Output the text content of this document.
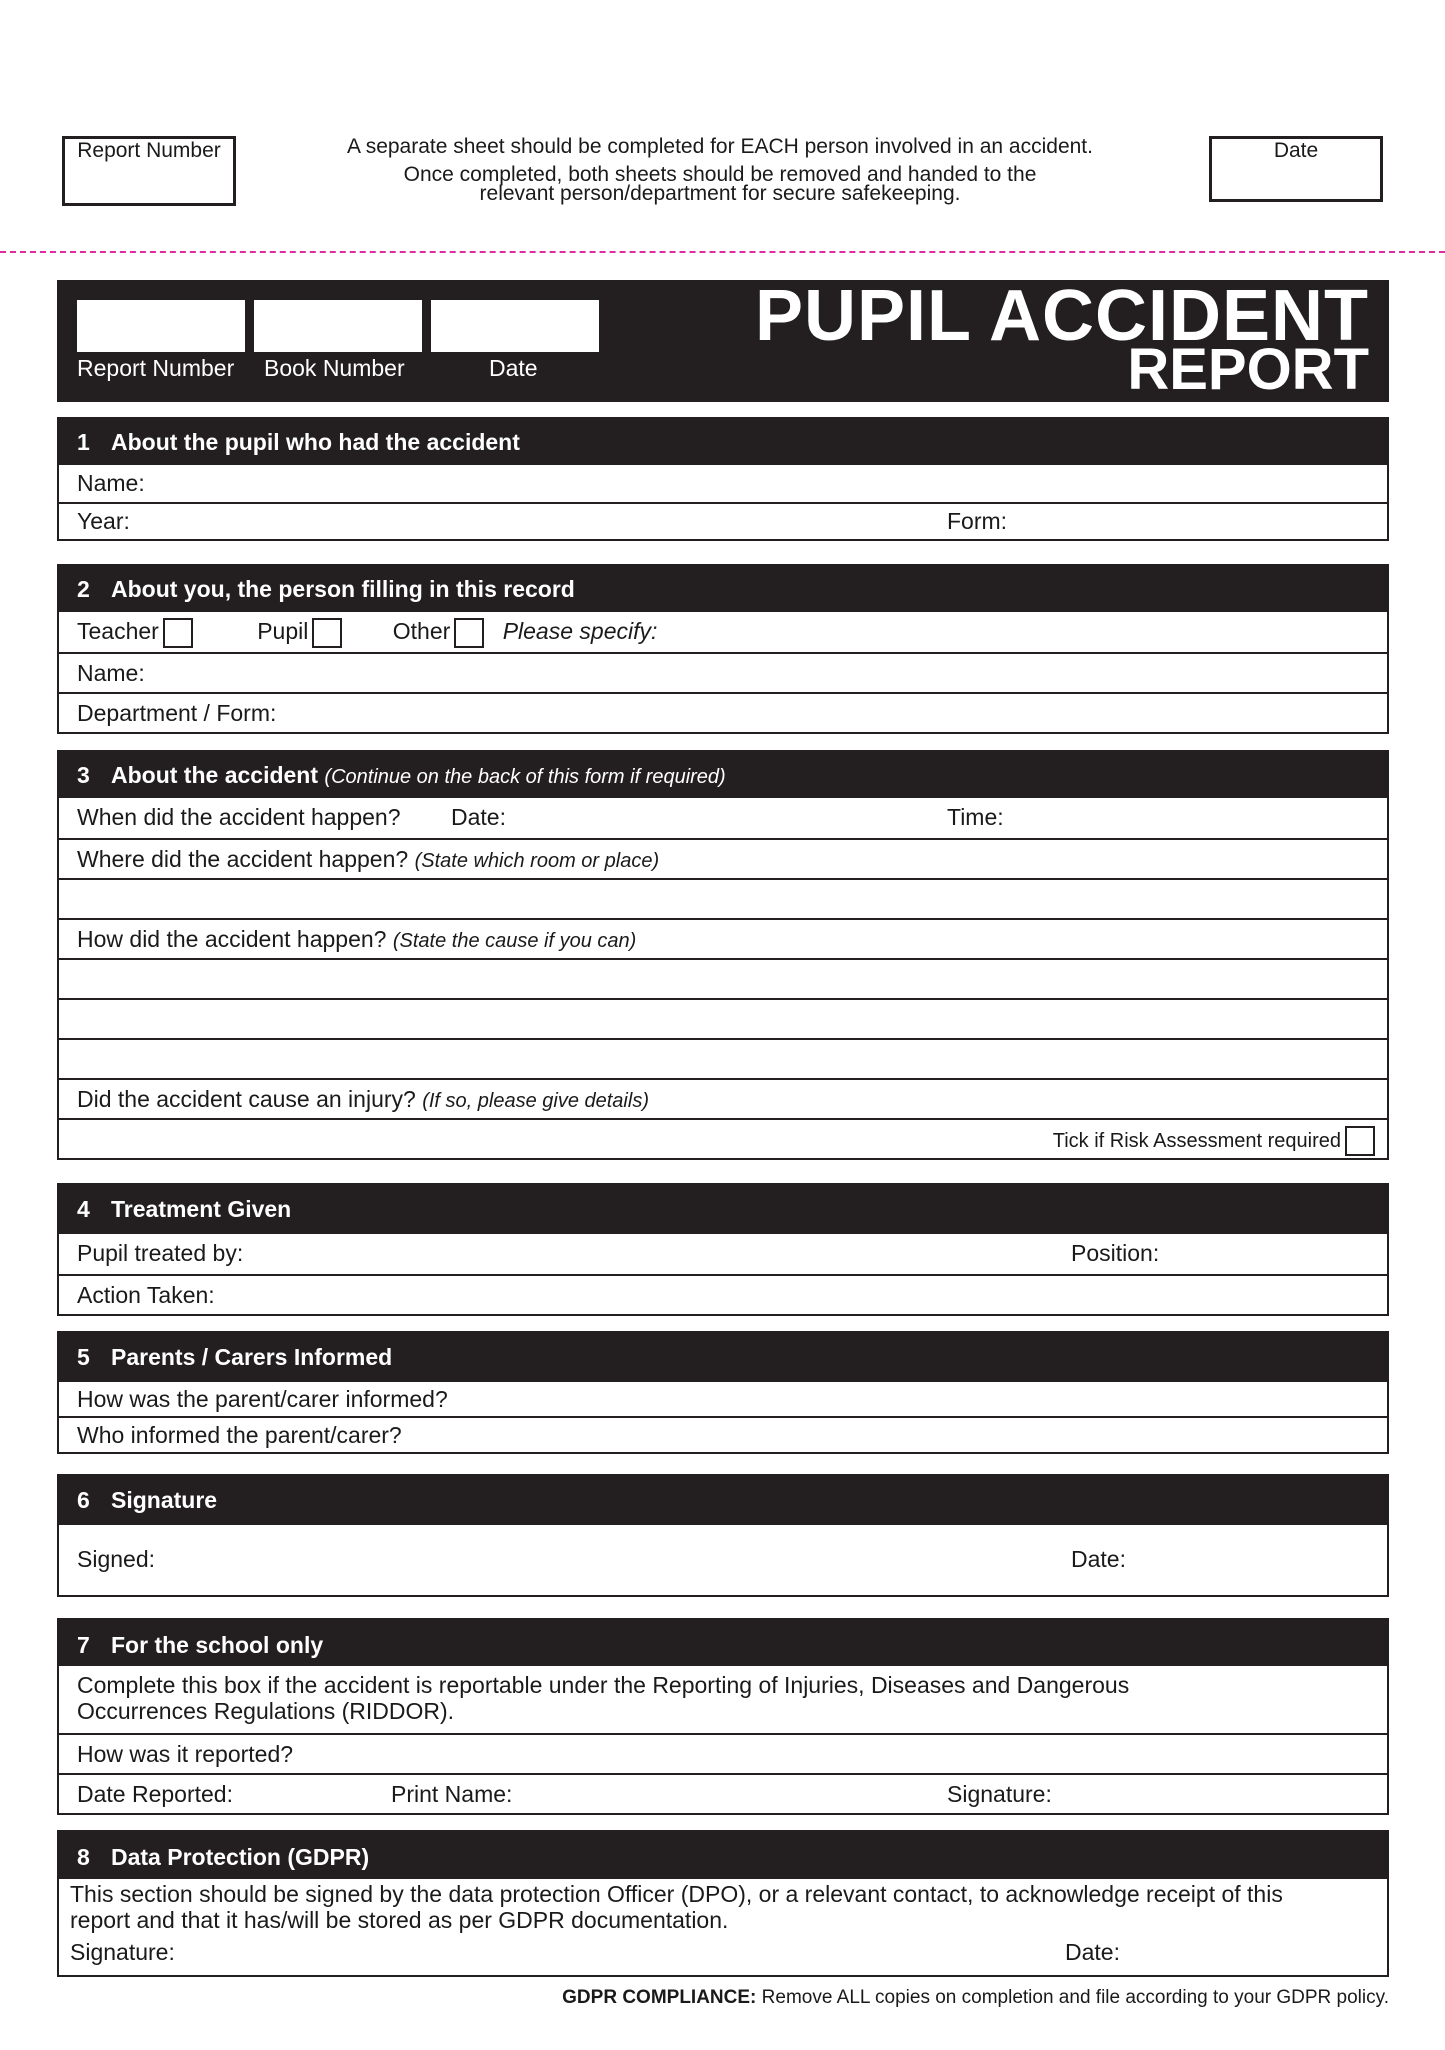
Report Number	A separate sheet should be completed for EACH person involved in an accident.
Once completed, both sheets should be removed and handed to the
relevant person/department for secure safekeeping.
Date
Report Number Book Number	Date
PUPIL ACCIDENT
REPORT
1 About the pupil who had the accident
Name:
Year:	Form:
2 About you, the person filling in this record
Teacher	Pupil	Other Please specify:
Name:
Department / Form:
3 About the accident (Continue on the back of this form if required)
When did the accident happen? Date:	Time:
Where did the accident happen? (State which room or place)
How did the accident happen? (State the cause if you can)
Did the accident cause an injury? (If so, please give details)
Tick if Risk Assessment required
4 Treatment Given
Pupil treated by:	Position:
Action Taken:
5 Parents / Carers Informed
How was the parent/carer informed?
Who informed the parent/carer?
6 Signature
Signed:	Date:
7 For the school only
Complete this box if the accident is reportable under the Reporting of Injuries, Diseases and Dangerous
Occurrences Regulations (RIDDOR).
How was it reported?
Date Reported:	Print Name:	Signature:
8 Data Protection (GDPR)
This section should be signed by the data protection Officer (DPO), or a relevant contact, to acknowledge receipt of this
report and that it has/will be stored as per GDPR documentation.
Signature:	Date:
GDPR COMPLIANCE: Remove ALL copies on completion and file according to your GDPR policy.
